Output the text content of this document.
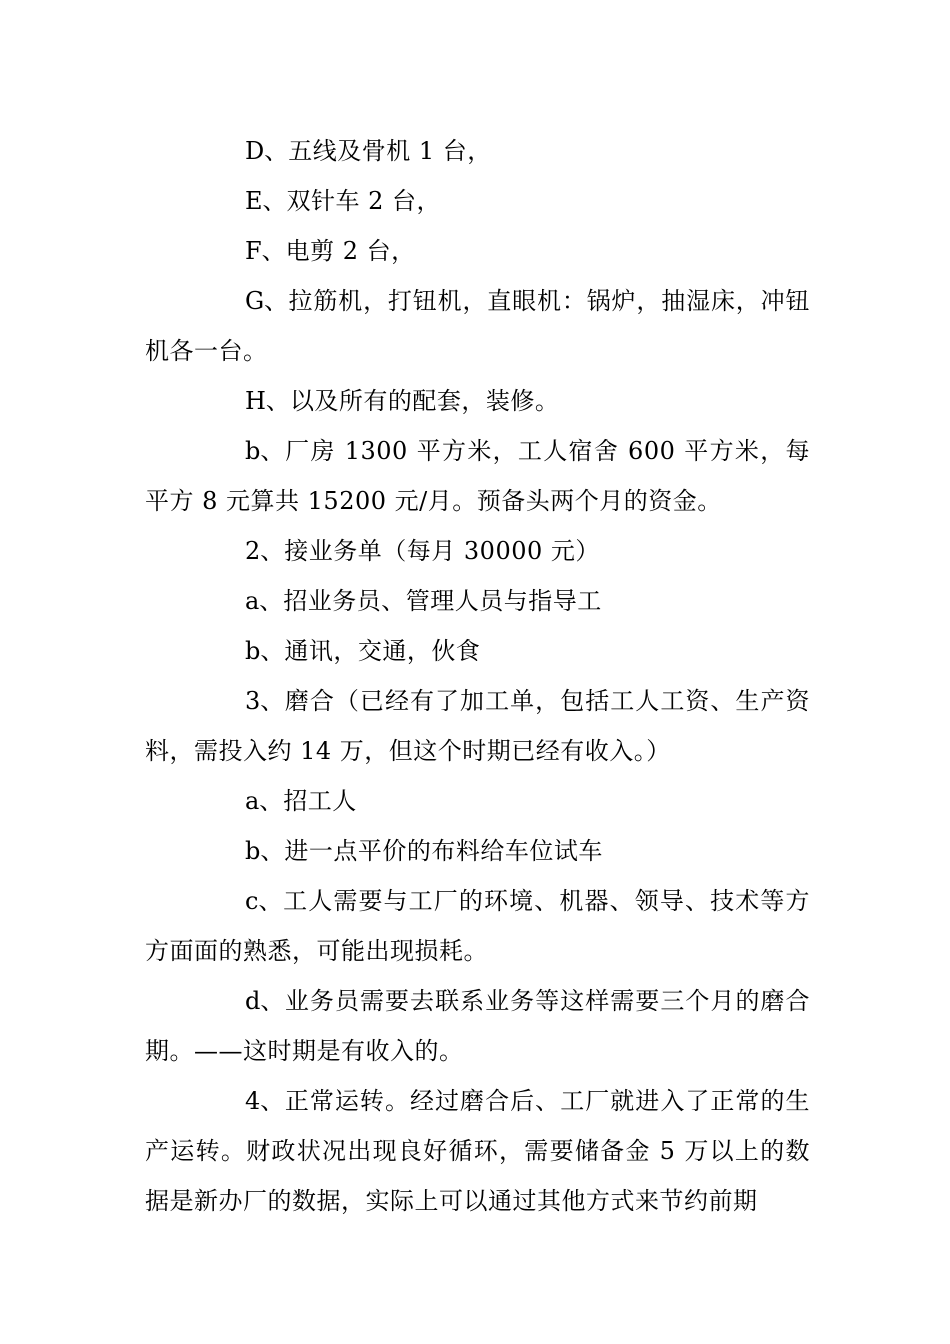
D、五线及骨机 1 台，

E、双针车 2 台，

F、电剪 2 台，

G、拉筋机，打钮机，直眼机：锅炉，抽湿床，冲钮机各一台。

H、以及所有的配套，装修。

b、厂房 1300 平方米，工人宿舍 600 平方米，每平方 8 元算共 15200 元/月。预备头两个月的资金。

2、接业务单（每月 30000 元）

a、招业务员、管理人员与指导工

b、通讯，交通，伙食

3、磨合（已经有了加工单，包括工人工资、生产资料，需投入约 14 万，但这个时期已经有收入。）

a、招工人

b、进一点平价的布料给车位试车

c、工人需要与工厂的环境、机器、领导、技术等方方面面的熟悉，可能出现损耗。

d、业务员需要去联系业务等这样需要三个月的磨合期。——这时期是有收入的。

4、正常运转。经过磨合后、工厂就进入了正常的生产运转。财政状况出现良好循环，需要储备金 5 万以上的数据是新办厂的数据，实际上可以通过其他方式来节约前期
